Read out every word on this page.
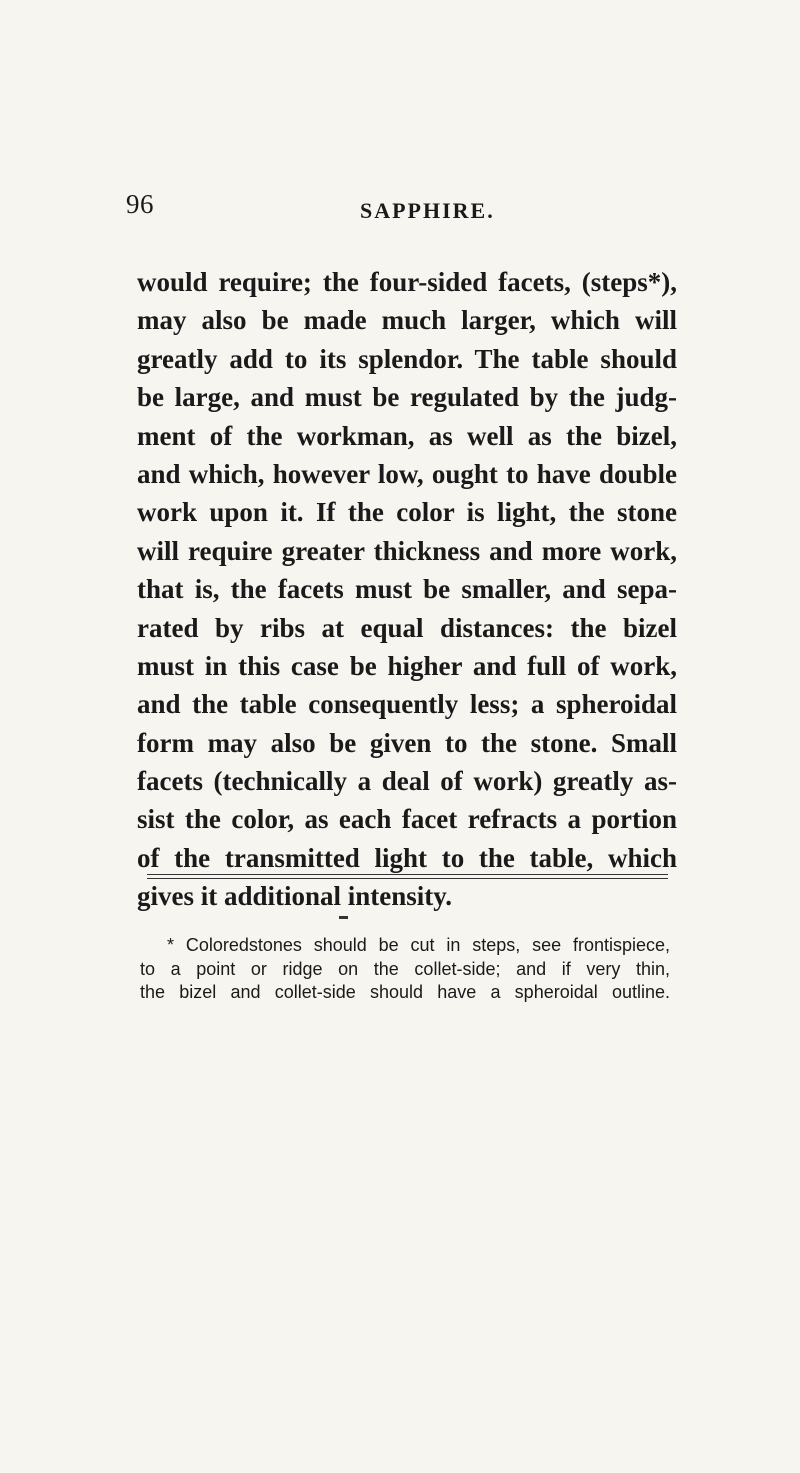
96	SAPPHIRE.
would require; the four-sided facets, (steps*),
may also be made much larger, which will
greatly add to its splendor. The table should
be large, and must be regulated by the judg-
ment of the workman, as well as the bizel,
and which, however low, ought to have double
work upon it. If the color is light, the stone
will require greater thickness and more work,
that is, the facets must be smaller, and sepa-
rated by ribs at equal distances: the bizel
must in this case be higher and full of work,
and the table consequently less; a spheroidal
form may also be given to the stone. Small
facets (technically a deal of work) greatly as-
sist the color, as each facet refracts a portion
of the transmitted light to the table, which
gives it additional intensity.
* Coloredstones should be cut in steps, see frontispiece,
to a point or ridge on the collet-side; and if very thin,
the bizel and collet-side should have a spheroidal outline.
